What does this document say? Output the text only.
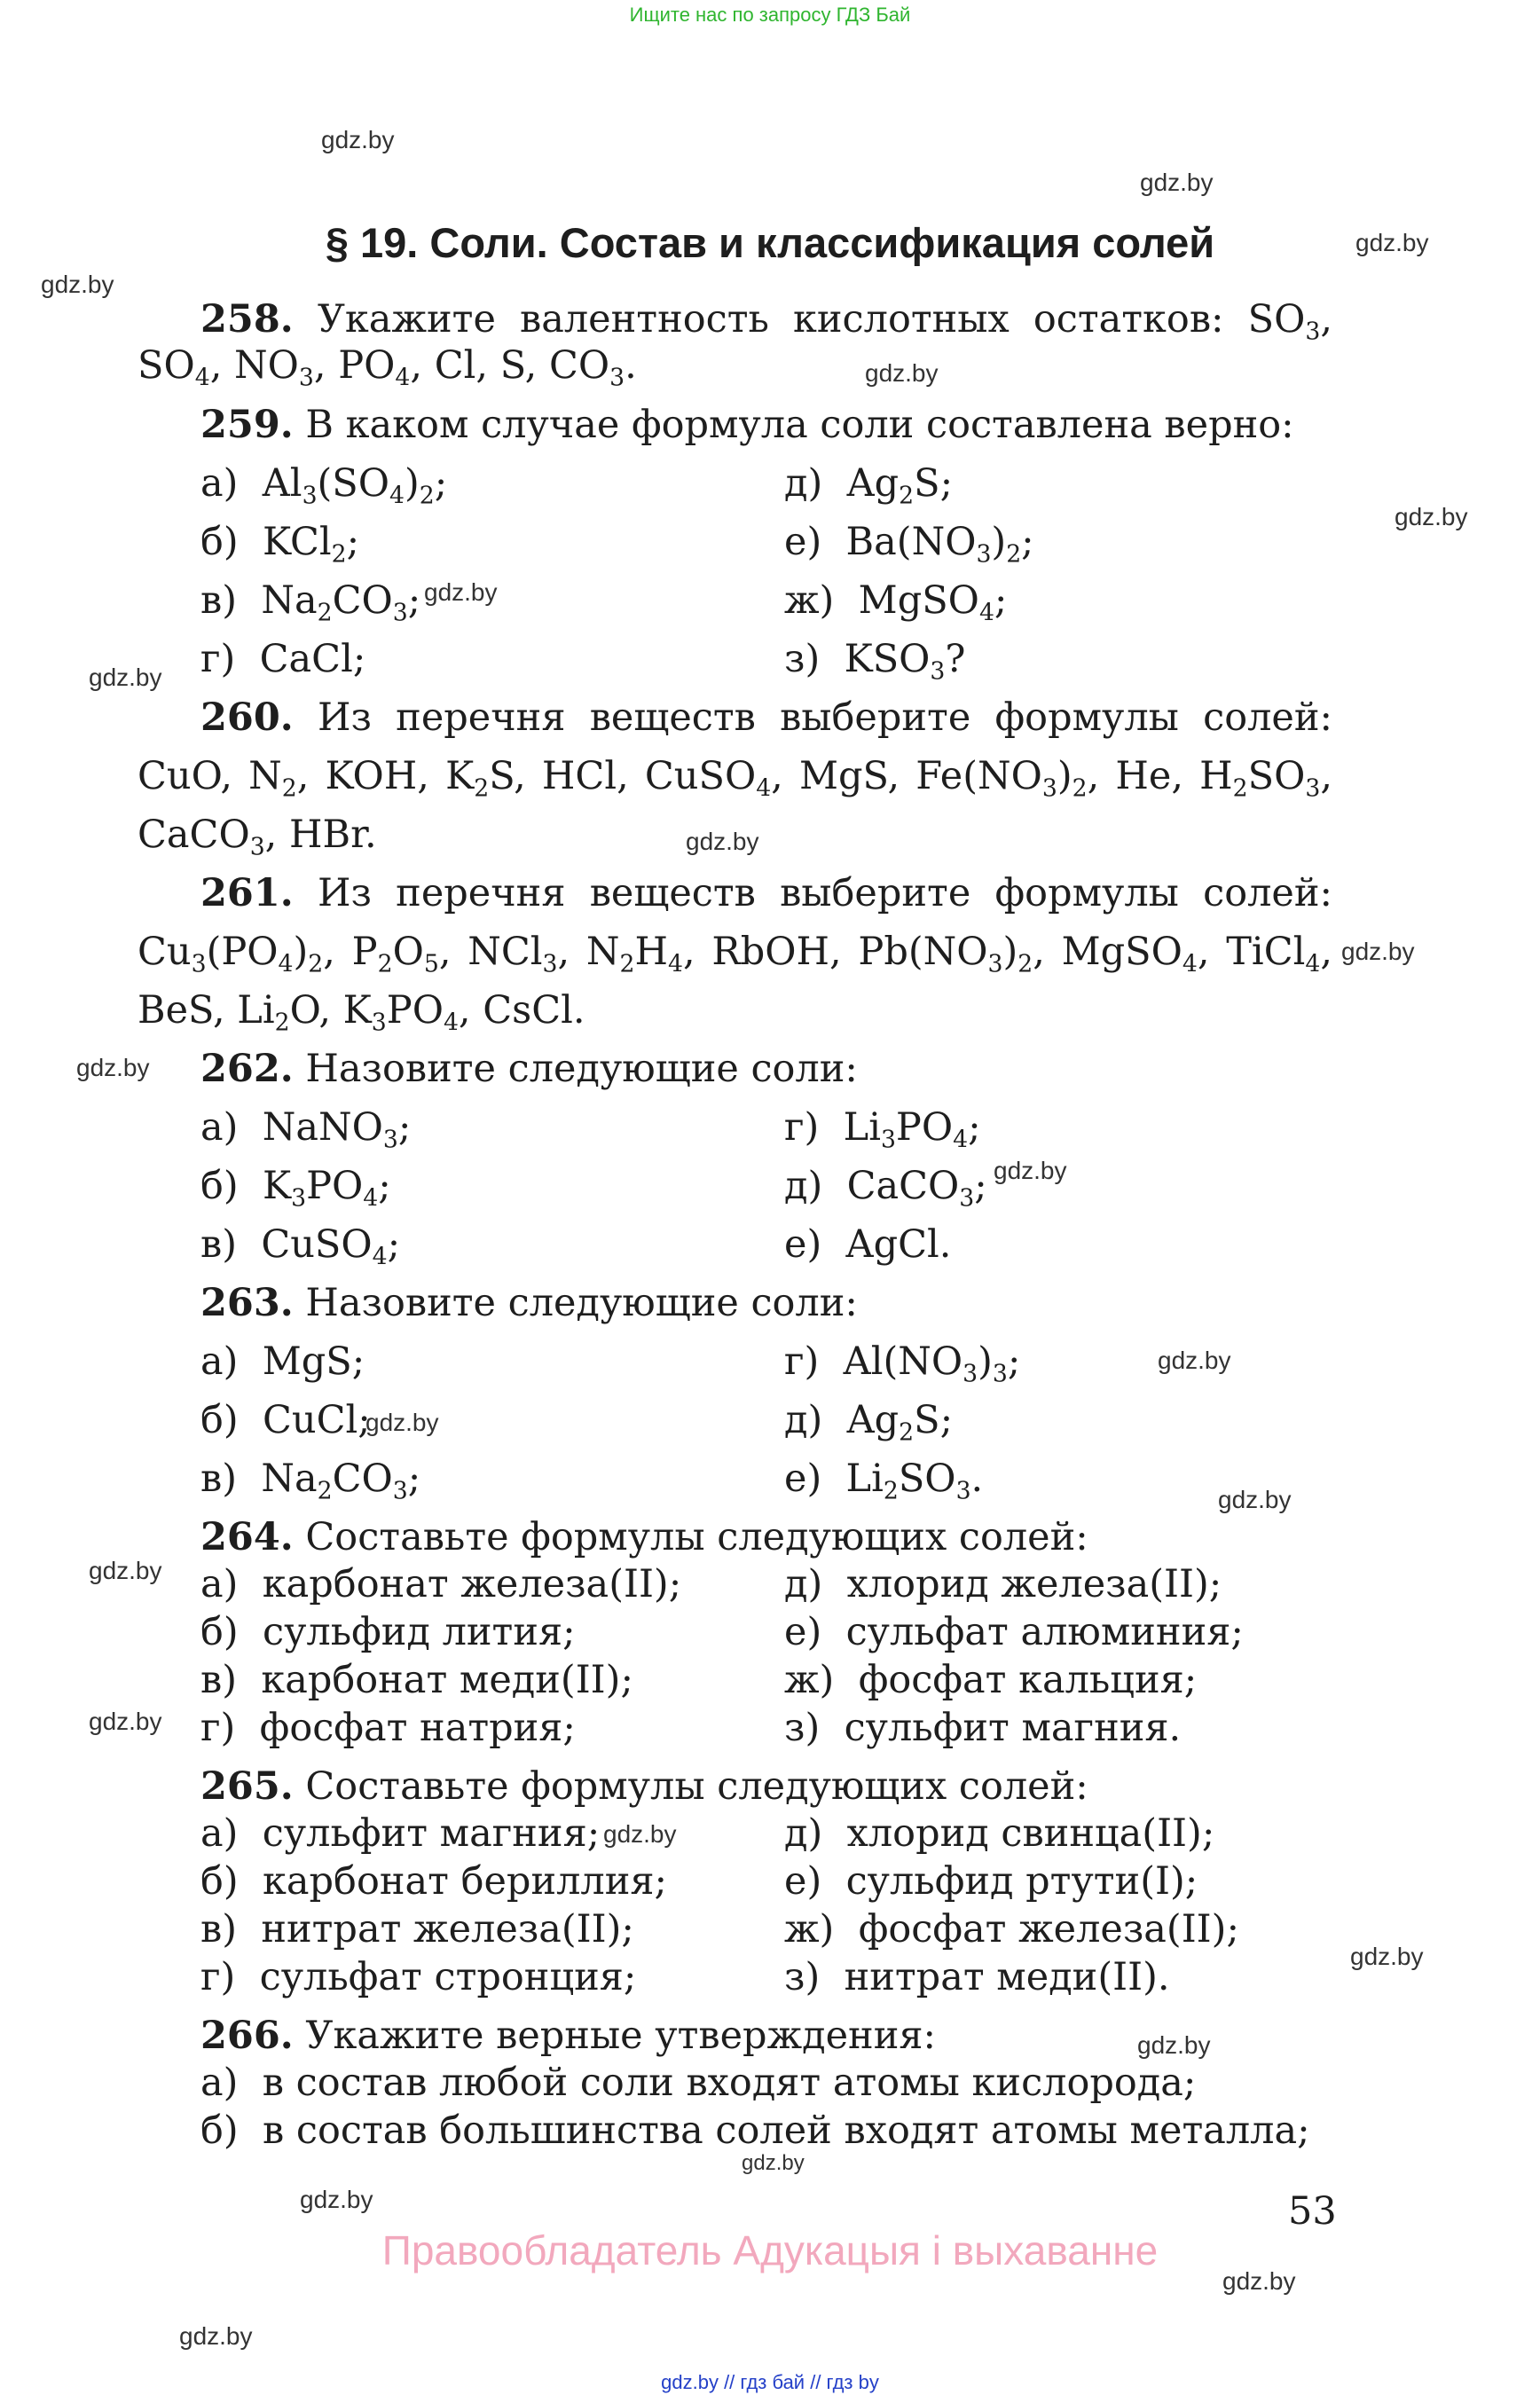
Ищите нас по запросу ГДЗ Бай
gdz.by
gdz.by
gdz.by
gdz.by
gdz.by
gdz.by
gdz.by
gdz.by
gdz.by
gdz.by
gdz.by
gdz.by
gdz.by
gdz.by
gdz.by
gdz.by
gdz.by
gdz.by
gdz.by
gdz.by
gdz.by
gdz.by
gdz.by
gdz.by
§ 19. Соли. Состав и классификация солей
258. Укажите валентность кислотных остатков: $SO_3$,
$SO_4$, $NO_3$, $PO_4$, Cl, S, $CO_3$.
259. В каком случае формула соли составлена верно:
а)  $Al_3(SO_4)_2$;	д)  $Ag_2S$;
б)  KCl$_2$;	е)  $Ba(NO_3)_2$;
в)  $Na_2CO_3$;	ж)  MgSO$_4$;
г)  CaCl;	з)  $KSO_3$?
260. Из перечня веществ выберите формулы солей:
CuO, $N_2$, KOH, $K_2S$, HCl, CuSO$_4$, MgS, $Fe(NO_3)_2$, He, $H_2SO_3$,
CaCO$_3$, HBr.
261. Из перечня веществ выберите формулы солей:
$Cu_3(PO_4)_2$, $P_2O_5$, NCl$_3$, $N_2H_4$, RbOH, $Pb(NO_3)_2$, MgSO$_4$, TiCl$_4$,
BeS, $Li_2O$, $K_3PO_4$, CsCl.
262. Назовите следующие соли:
а)  NaNO$_3$;	г)  $Li_3PO_4$;
б)  $K_3PO_4$;	д)  CaCO$_3$;
в)  CuSO$_4$;	е)  AgCl.
263. Назовите следующие соли:
а)  MgS;	г)  $Al(NO_3)_3$;
б)  CuCl;	д)  $Ag_2S$;
в)  $Na_2CO_3$;	е)  $Li_2SO_3$.
264. Составьте формулы следующих солей:
а) карбонат железа(II);	д) хлорид железа(II);
б) сульфид лития;	е) сульфат алюминия;
в) карбонат меди(II);	ж) фосфат кальция;
г) фосфат натрия;	з) сульфит магния.
265. Составьте формулы следующих солей:
а) сульфит магния;	д) хлорид свинца(II);
б) карбонат бериллия;	е) сульфид ртути(I);
в) нитрат железа(II);	ж) фосфат железа(II);
г) сульфат стронция;	з) нитрат меди(II).
266. Укажите верные утверждения:
а) в состав любой соли входят атомы кислорода;
б) в состав большинства солей входят атомы металла;
53
Правообладатель Адукацыя і выхаванне
gdz.by // гдз бай // гдз by
